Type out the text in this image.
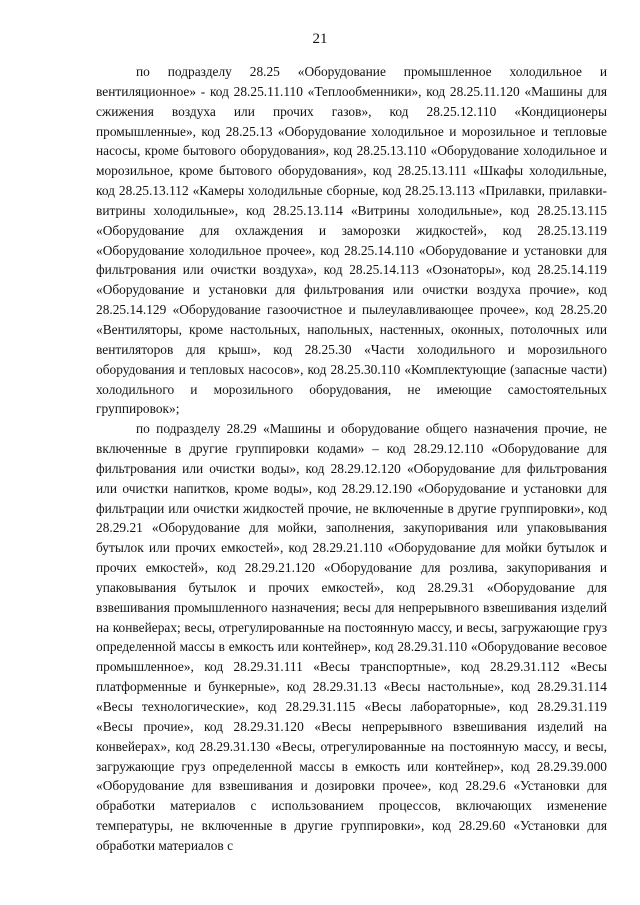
21

по подразделу 28.25 «Оборудование промышленное холодильное и вентиляционное» - код 28.25.11.110 «Теплообменники», код 28.25.11.120 «Машины для сжижения воздуха или прочих газов», код 28.25.12.110 «Кондиционеры промышленные», код 28.25.13 «Оборудование холодильное и морозильное и тепловые насосы, кроме бытового оборудования», код 28.25.13.110 «Оборудование холодильное и морозильное, кроме бытового оборудования», код 28.25.13.111 «Шкафы холодильные, код 28.25.13.112 «Камеры холодильные сборные, код 28.25.13.113 «Прилавки, прилавки-витрины холодильные», код 28.25.13.114 «Витрины холодильные», код 28.25.13.115 «Оборудование для охлаждения и заморозки жидкостей», код 28.25.13.119 «Оборудование холодильное прочее», код 28.25.14.110 «Оборудование и установки для фильтрования или очистки воздуха», код 28.25.14.113 «Озонаторы», код 28.25.14.119 «Оборудование и установки для фильтрования или очистки воздуха прочие», код 28.25.14.129 «Оборудование газоочистное и пылеулавливающее прочее», код 28.25.20 «Вентиляторы, кроме настольных, напольных, настенных, оконных, потолочных или вентиляторов для крыш», код 28.25.30 «Части холодильного и морозильного оборудования и тепловых насосов», код 28.25.30.110 «Комплектующие (запасные части) холодильного и морозильного оборудования, не имеющие самостоятельных группировок»;

по подразделу 28.29 «Машины и оборудование общего назначения прочие, не включенные в другие группировки кодами» – код 28.29.12.110 «Оборудование для фильтрования или очистки воды», код 28.29.12.120 «Оборудование для фильтрования или очистки напитков, кроме воды», код 28.29.12.190 «Оборудование и установки для фильтрации или очистки жидкостей прочие, не включенные в другие группировки», код 28.29.21 «Оборудование для мойки, заполнения, закупоривания или упаковывания бутылок или прочих емкостей», код 28.29.21.110 «Оборудование для мойки бутылок и прочих емкостей», код 28.29.21.120 «Оборудование для розлива, закупоривания и упаковывания бутылок и прочих емкостей», код 28.29.31 «Оборудование для взвешивания промышленного назначения; весы для непрерывного взвешивания изделий на конвейерах; весы, отрегулированные на постоянную массу, и весы, загружающие груз определенной массы в емкость или контейнер», код 28.29.31.110 «Оборудование весовое промышленное», код 28.29.31.111 «Весы транспортные», код 28.29.31.112 «Весы платформенные и бункерные», код 28.29.31.13 «Весы настольные», код 28.29.31.114 «Весы технологические», код 28.29.31.115 «Весы лабораторные», код 28.29.31.119 «Весы прочие», код 28.29.31.120 «Весы непрерывного взвешивания изделий на конвейерах», код 28.29.31.130 «Весы, отрегулированные на постоянную массу, и весы, загружающие груз определенной массы в емкость или контейнер», код 28.29.39.000 «Оборудование для взвешивания и дозировки прочее», код 28.29.6 «Установки для обработки материалов с использованием процессов, включающих изменение температуры, не включенные в другие группировки», код 28.29.60 «Установки для обработки материалов с
